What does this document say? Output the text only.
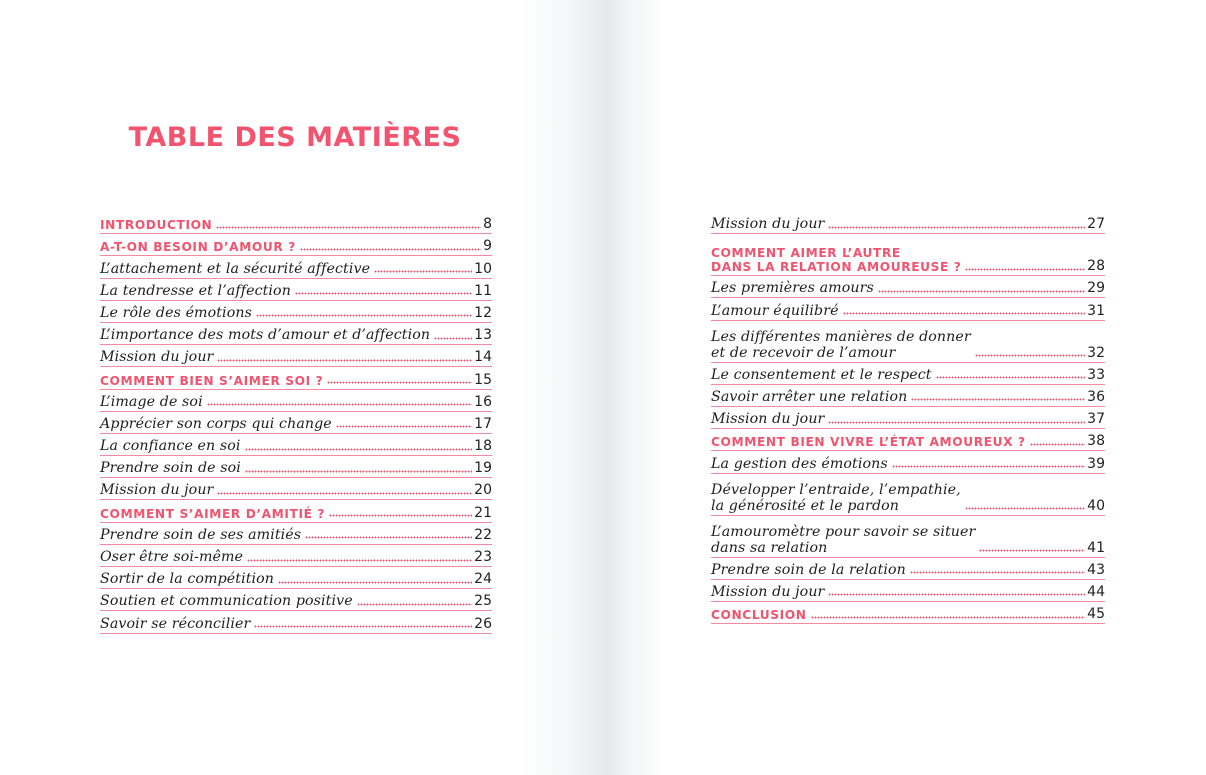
TABLE DES MATIÈRES
INTRODUCTION	8
A-T-ON BESOIN D’AMOUR ?	9
L’attachement et la sécurité affective	10
La tendresse et l’affection	11
Le rôle des émotions	12
L’importance des mots d’amour et d’affection	13
Mission du jour	14
COMMENT BIEN S’AIMER SOI ?	15
L’image de soi	16
Apprécier son corps qui change	17
La confiance en soi	18
Prendre soin de soi	19
Mission du jour	20
COMMENT S’AIMER D’AMITIÉ ?	21
Prendre soin de ses amitiés	22
Oser être soi-même	23
Sortir de la compétition	24
Soutien et communication positive	25
Savoir se réconcilier	26
Mission du jour	27
COMMENT AIMER L’AUTRE
DANS LA RELATION AMOUREUSE ?	28
Les premières amours	29
L’amour équilibré	31
Les différentes manières de donner
et de recevoir de l’amour	32
Le consentement et le respect	33
Savoir arrêter une relation	36
Mission du jour	37
COMMENT BIEN VIVRE L’ÉTAT AMOUREUX ?	38
La gestion des émotions	39
Développer l’entraide, l’empathie,
la générosité et le pardon	40
L’amouromètre pour savoir se situer
dans sa relation	41
Prendre soin de la relation	43
Mission du jour	44
CONCLUSION	45
